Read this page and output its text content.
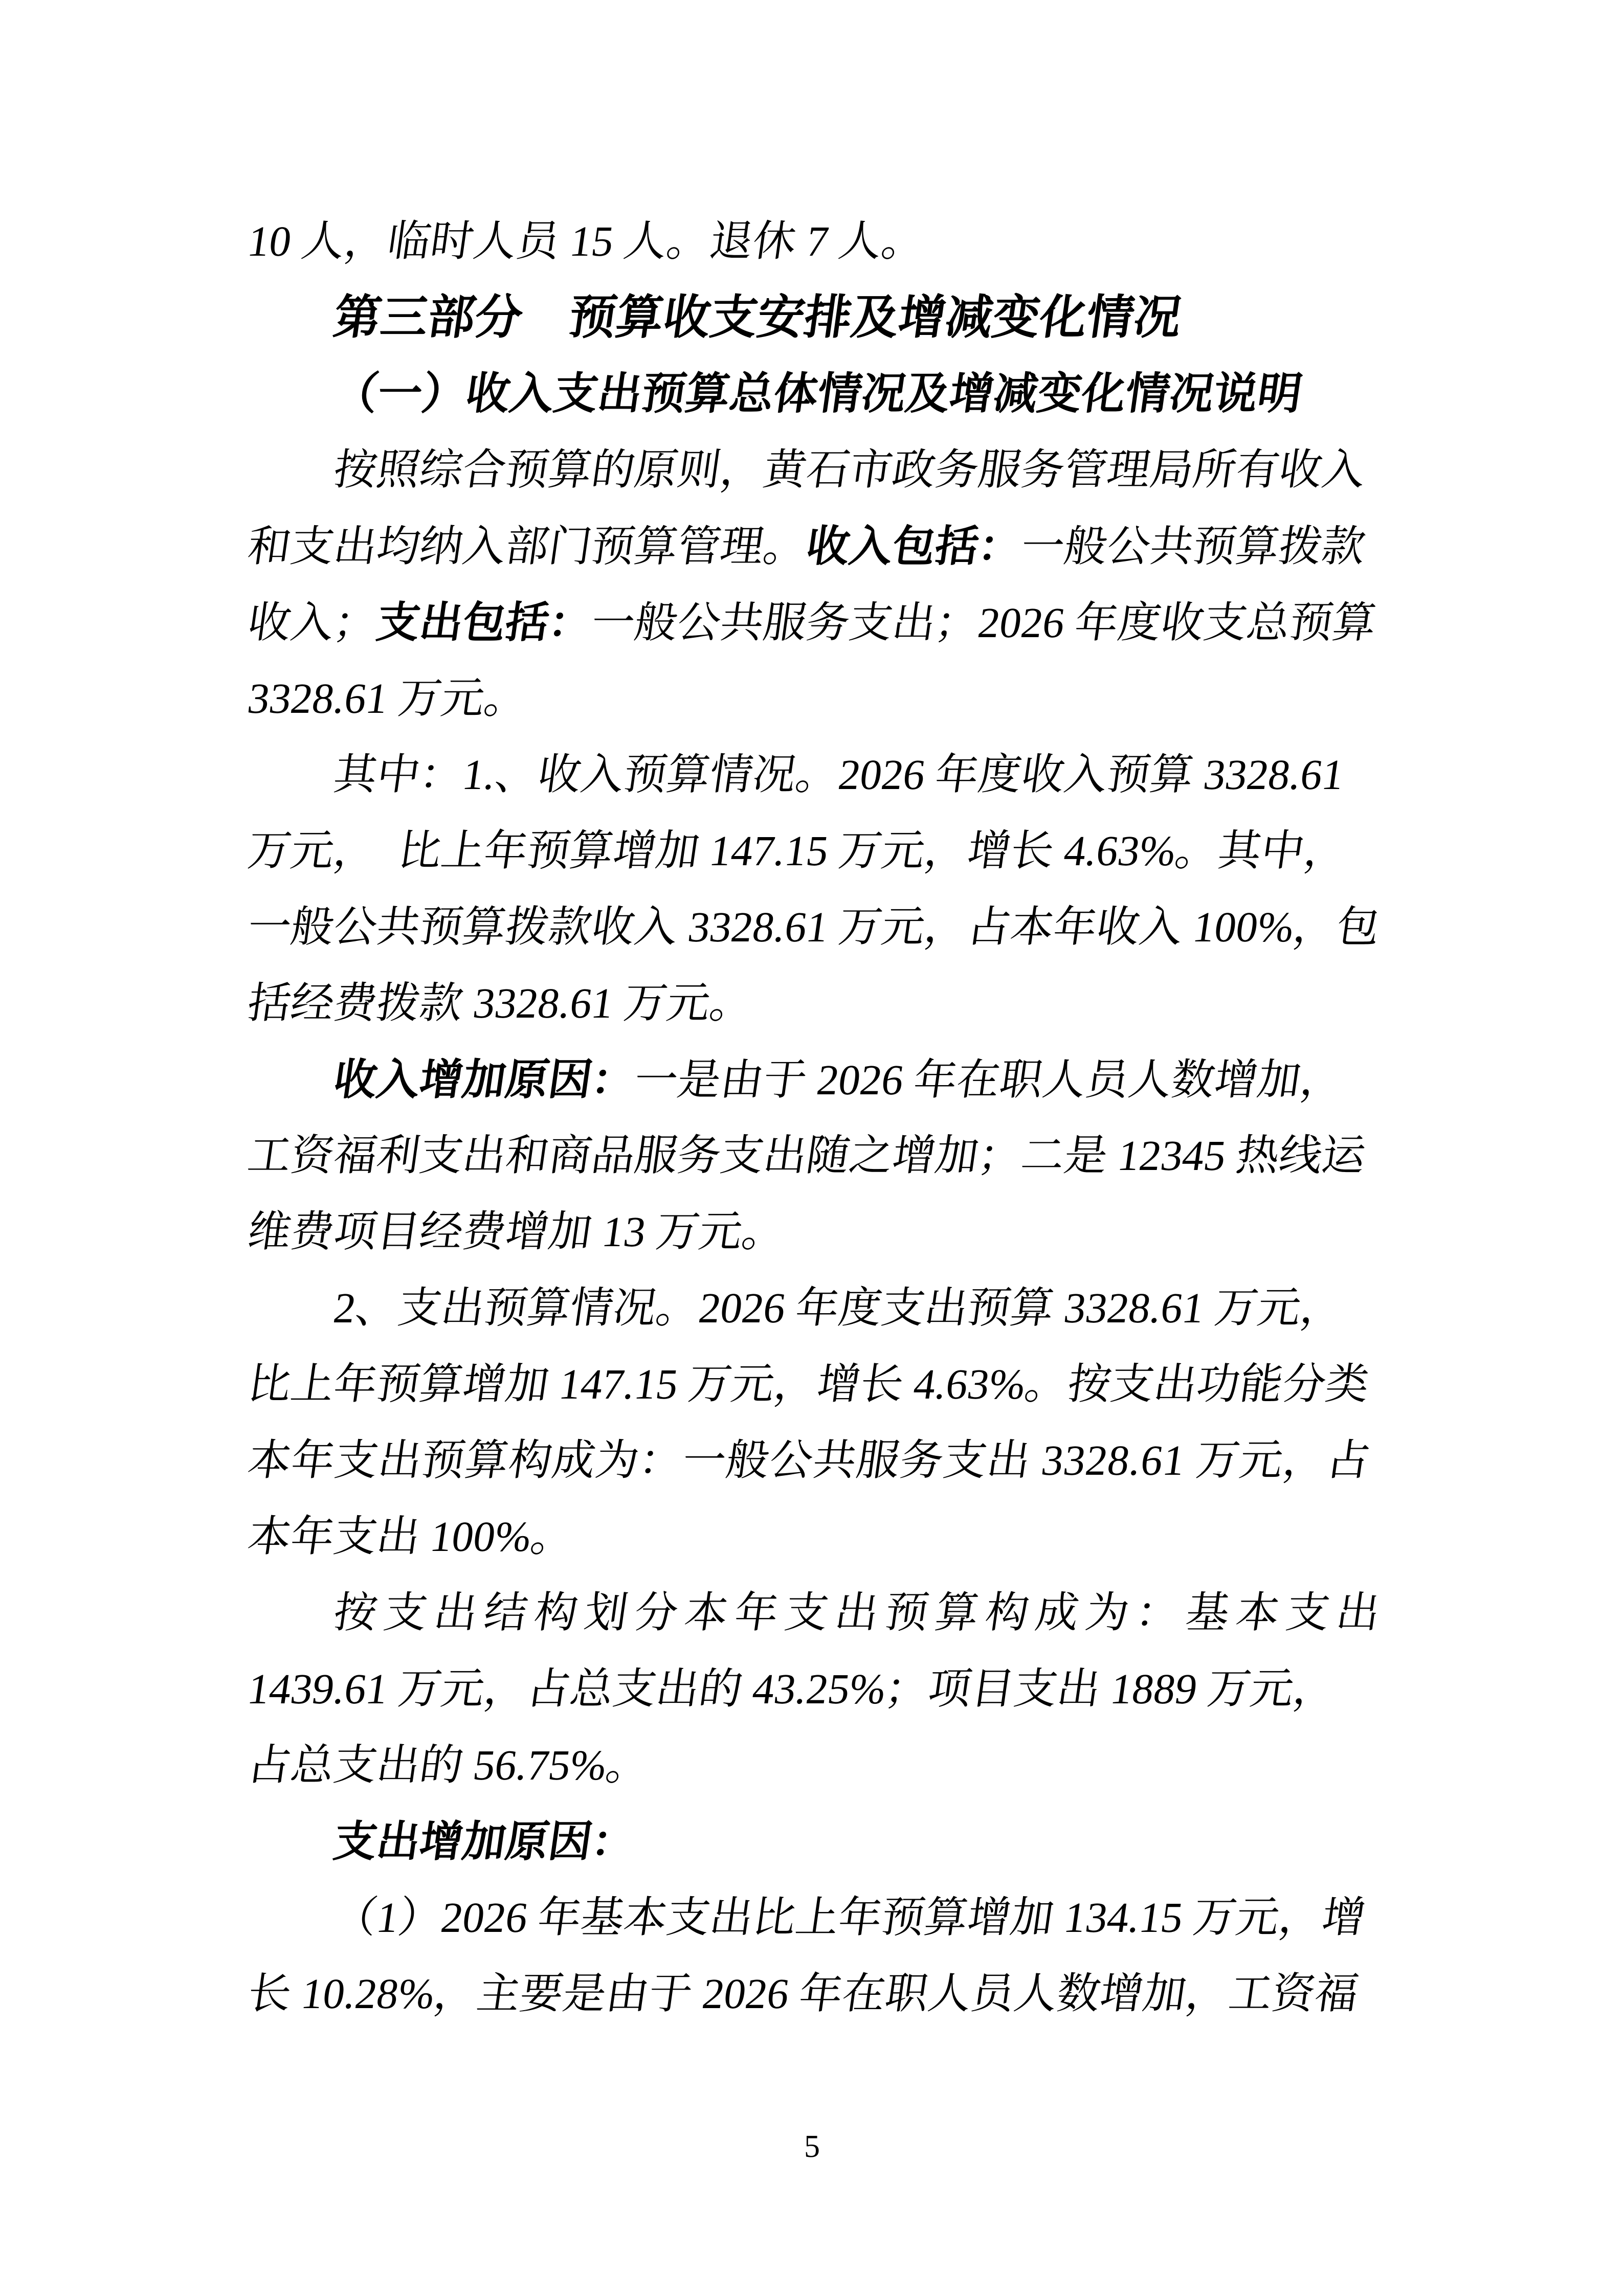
10 人，临时人员 15 人。退休 7 人。
第三部分　预算收支安排及增减变化情况
（一）收入支出预算总体情况及增减变化情况说明
按照综合预算的原则，黄石市政务服务管理局所有收入
和支出均纳入部门预算管理。收入包括：一般公共预算拨款
收入；支出包括：一般公共服务支出；2026 年度收支总预算
3328.61 万元。
其中：1.、收入预算情况。2026 年度收入预算 3328.61
万元，　比上年预算增加 147.15 万元，增长 4.63%。其中，
一般公共预算拨款收入 3328.61 万元，占本年收入 100%，包
括经费拨款 3328.61 万元。
收入增加原因：一是由于 2026 年在职人员人数增加，
工资福利支出和商品服务支出随之增加；二是 12345 热线运
维费项目经费增加 13 万元。
2、支出预算情况。2026 年度支出预算 3328.61 万元，
比上年预算增加 147.15 万元，增长 4.63%。按支出功能分类
本年支出预算构成为：一般公共服务支出 3328.61 万元，占
本年支出 100%。
按支出结构划分本年支出预算构成为：基本支出
1439.61 万元，占总支出的 43.25%；项目支出 1889 万元，
占总支出的 56.75%。
支出增加原因：
（1）2026 年基本支出比上年预算增加 134.15 万元，增
长 10.28%，主要是由于 2026 年在职人员人数增加，工资福
5
